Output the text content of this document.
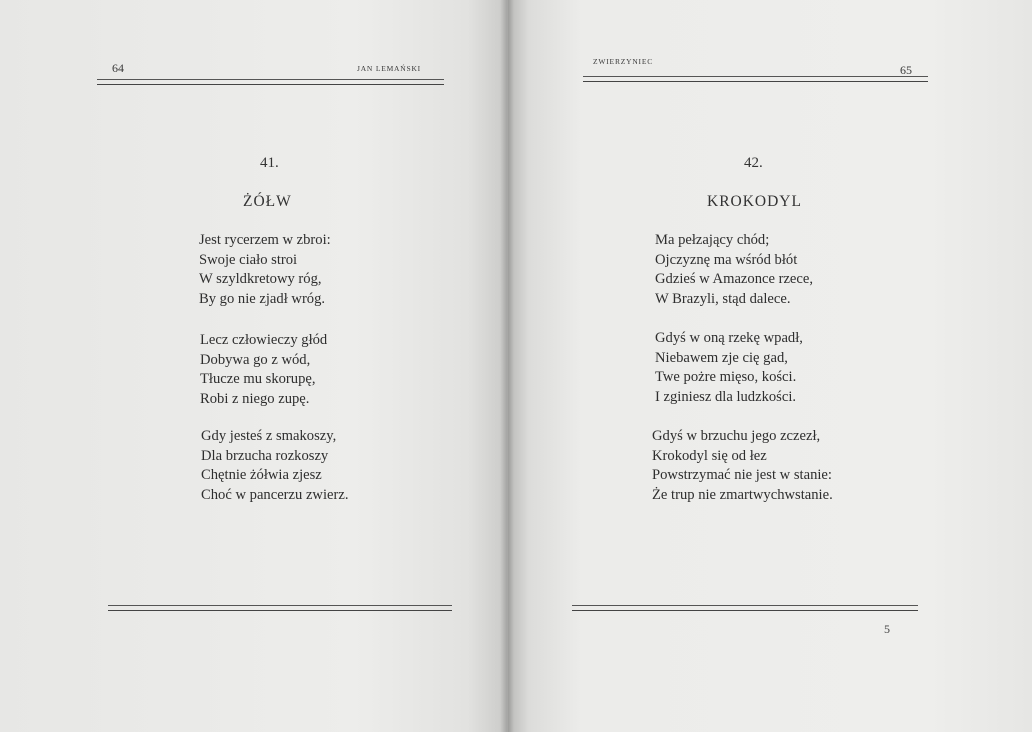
64	JAN LEMAŃSKI
41.
ŻÓŁW
Jest rycerzem w zbroi:
Swoje ciało stroi
W szyldkretowy róg,
By go nie zjadł wróg.
Lecz człowieczy głód
Dobywa go z wód,
Tłucze mu skorupę,
Robi z niego zupę.
Gdy jesteś z smakoszy,
Dla brzucha rozkoszy
Chętnie żółwia zjesz
Choć w pancerzu zwierz.
ZWIERZYNIEC
65
42.
KROKODYL
Ma pełzający chód;
Ojczyznę ma wśród błót
Gdzieś w Amazonce rzece,
W Brazyli, stąd dalece.
Gdyś w oną rzekę wpadł,
Niebawem zje cię gad,
Twe pożre mięso, kości.
I zginiesz dla ludzkości.
Gdyś w brzuchu jego zczezł,
Krokodyl się od łez
Powstrzymać nie jest w stanie:
Że trup nie zmartwychwstanie.
5
